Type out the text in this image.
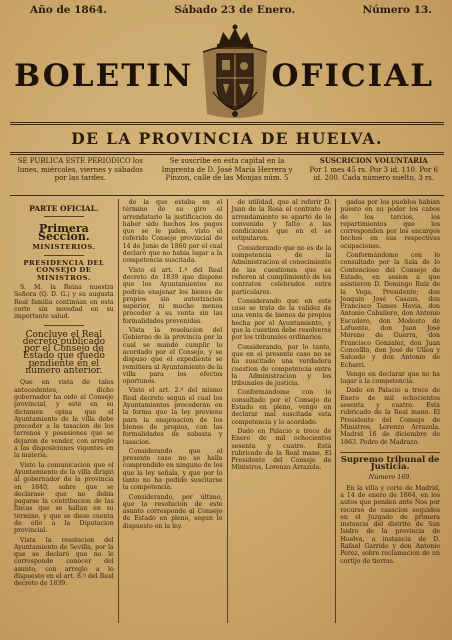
Año de 1864.	Sábado 23 de Enero.	Número 13.
BOLETIN	OFICIAL
DE LA PROVINCIA DE HUELVA.
SE PUBLICA ESTE PERIÓDICO los lunes, miércoles, viernes y sábados por las tardes.
Se suscribe en esta capital en la Imprenta de D. José María Herrera y Pinzon, calle de las Monjas núm. 5
SUSCRICION VOLUNTARIA
Por 1 mes 45 rs. Por 3 id. 110. Por 6 id. 200. Cada número suelto, 3 rs.
PARTE OFICIAL.
Primera Seccion.
MINISTERIOS.
PRESIDENCIA DEL CONSEJO DE MINISTROS.

S. M. la Reina nuestra Señora (Q. D. G.) y su augusta Real familia continúan en esta corte sin novedad en su importante salud.

Concluye el Real decreto publicado por el Consejo de Estado que quedó pendiente en el número anterior.

Que en vista de tales antecedentes, dicho gobernador ha oido al Consejo provincial, y este en su dictamen opina que el Ayuntamiento de la villa debe proceder a la tasacion de los terrenos y posesiones que se dejaron de vender, con arreglo a las disposiciones vigentes en la materia.

Visto la comunicacion que el Ayuntamiento de la villa dirigió al gobernador de la provincia en 1840, sobre que se declarase que no debia pagarse la contribucion de las fincas que se hallan en su término, y que se diese cuenta de ello a la Diputacion provincial.

Vista la resolucion del Ayuntamiento de Sevilla, por la que se declaró que no le corresponde conocer del asunto, con arreglo a lo dispuesto en el art. 8.º del Real decreto de 1839.

de la que estaba en el término de su giro el arrendatario la justificacion de haber sido hechos los pagos que se le piden, visto el referido Consejo provincial de 14 de Junio de 1860 por el cual declaró que no habia lugar a la competencia suscitada.

Visto el art. 1.º del Real decreto de 1839 que dispone que los Ayuntamientos no podrán enajenar los bienes de propios sin autorizacion superior, ni mucho menos proceder a su venta sin las formalidades prevenidas.

Vista la resolucion del Gobierno de la provincia por la cual se mandó cumplir lo acordado por el Consejo, y se dispuso que el expediente se remitiera al Ayuntamiento de la villa para los efectos oportunos.

Visto el art. 2.º del mismo Real decreto segun el cual los Ayuntamientos procederán en la forma que la ley previene para la enajenacion de los bienes de propios, con las formalidades de subasta y tasacion.

Considerando que el presente caso no se halla comprendido en ninguno de los que la ley señala, y que por lo tanto no ha podido suscitarse la competencia.

Considerando, por último, que la resolucion de este asunto corresponde al Consejo de Estado en pleno, segun lo dispuesto en la ley.

de utilidad, que al referir D. Juan de la Rosa el contrato de arrendamiento se apartó de lo convenido y faltó a las condiciones que en el se estipularon.

Considerando que no es de la competencia de la Administracion el conocimiento de las cuestiones que se refieren al cumplimiento de los contratos celebrados entre particulares.

Considerando que en este caso se trata de la validez de una venta de bienes de propios hecha por el Ayuntamiento, y que la cuestion debe resolverse por los tribunales ordinarios.

Considerando, por lo tanto, que en el presente caso no se ha suscitado una verdadera cuestion de competencia entre la Administracion y los tribunales de justicia.

Conformándome con lo consultado por el Consejo de Estado en pleno, vengo en declarar mal suscitada esta competencia y lo acordado.

Dado en Palacio a trece de Enero de mil ochocientos sesenta y cuatro. Está rubricado de la Real mano. El Presidente del Consejo de Ministros, Lorenzo Arrazola.

gadas por los pueblos habian puesto en su poder los cabos de los tercios, los repartimientos que les corresponden por los encargos hechos en sus respectivas ocupaciones.

Conformándome con lo consultado por la Sala de lo Contencioso del Consejo de Estado, en sesion a que asistieron D. Domingo Ruiz de la Vega, Presidente; don Joaquin José Casaus, don Francisco Tames Hevia, don Antonio Caballero, don Antonio Escudero, don Modesto de Lafuente, don Juan José Moreno de Guerra, don Francisco Gonzalez, don Juan Concelllo, don José de Ulloa y Salcedo y don Antonio de Echarri.

Vengo en declarar que no ha lugar a la competencia.

Dado en Palacio a trece de Enero de mil ochocientos sesenta y cuatro. Está rubricado de la Real mano. El Presidente del Consejo de Ministros, Lorenzo Arrazola. Madrid 16 de diciembre de 1863. Pedro de Madrazo.

Supremo tribunal de Justicia.
Número 169.

En la villa y corte de Madrid, a 14 de enero de 1864, en los autos que penden ante Nos por recurso de casacion seguidos en el Juzgado de primera instancia del distrito de San Isidro de la provincia de Huelva, a instancia de D. Rafael Garrido y don Antonio Perez, sobre reclamacion de un cortijo de tierras.
